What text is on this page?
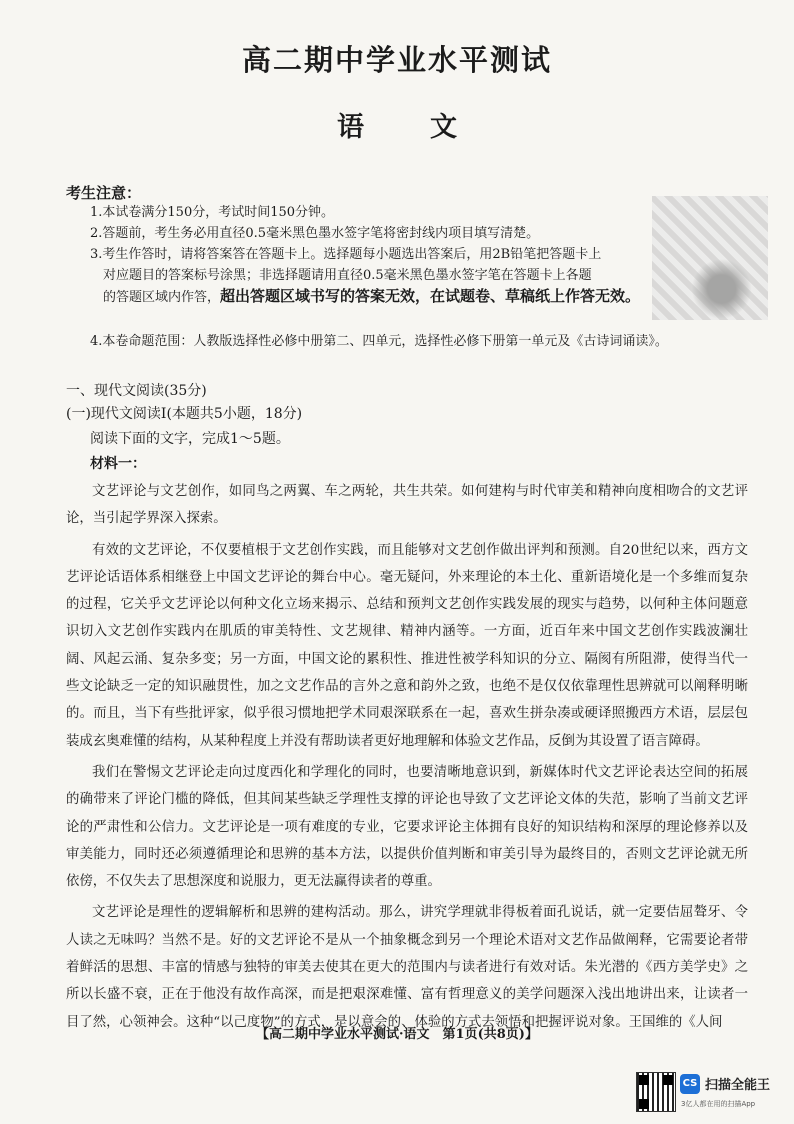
高二期中学业水平测试
语文
考生注意：

1.本试卷满分150分，考试时间150分钟。

2.答题前，考生务必用直径0.5毫米黑色墨水签字笔将密封线内项目填写清楚。

3.考生作答时，请将答案答在答题卡上。选择题每小题选出答案后，用2B铅笔把答题卡上
对应题目的答案标号涂黑；非选择题请用直径0.5毫米黑色墨水签字笔在答题卡上各题
的答题区域内作答，超出答题区域书写的答案无效，在试题卷、草稿纸上作答无效。

4.本卷命题范围：人教版选择性必修中册第二、四单元，选择性必修下册第一单元及《古诗词诵读》。
一、现代文阅读(35分)
(一)现代文阅读Ⅰ(本题共5小题，18分)
阅读下面的文字，完成1～5题。
材料一：

文艺评论与文艺创作，如同鸟之两翼、车之两轮，共生共荣。如何建构与时代审美和精神向度相吻合的文艺评论，当引起学界深入探索。

有效的文艺评论，不仅要植根于文艺创作实践，而且能够对文艺创作做出评判和预测。自20世纪以来，西方文艺评论话语体系相继登上中国文艺评论的舞台中心。毫无疑问，外来理论的本土化、重新语境化是一个多维而复杂的过程，它关乎文艺评论以何种文化立场来揭示、总结和预判文艺创作实践发展的现实与趋势，以何种主体问题意识切入文艺创作实践内在肌质的审美特性、文艺规律、精神内涵等。一方面，近百年来中国文艺创作实践波澜壮阔、风起云涌、复杂多变；另一方面，中国文论的累积性、推进性被学科知识的分立、隔阂有所阻滞，使得当代一些文论缺乏一定的知识融贯性，加之文艺作品的言外之意和韵外之致，也绝不是仅仅依靠理性思辨就可以阐释明晰的。而且，当下有些批评家，似乎很习惯地把学术同艰深联系在一起，喜欢生拼杂凑或硬译照搬西方术语，层层包装成玄奥难懂的结构，从某种程度上并没有帮助读者更好地理解和体验文艺作品，反倒为其设置了语言障碍。

我们在警惕文艺评论走向过度西化和学理化的同时，也要清晰地意识到，新媒体时代文艺评论表达空间的拓展的确带来了评论门槛的降低，但其间某些缺乏学理性支撑的评论也导致了文艺评论文体的失范，影响了当前文艺评论的严肃性和公信力。文艺评论是一项有难度的专业，它要求评论主体拥有良好的知识结构和深厚的理论修养以及审美能力，同时还必须遵循理论和思辨的基本方法，以提供价值判断和审美引导为最终目的，否则文艺评论就无所依傍，不仅失去了思想深度和说服力，更无法赢得读者的尊重。

文艺评论是理性的逻辑解析和思辨的建构活动。那么，讲究学理就非得板着面孔说话，就一定要佶屈聱牙、令人读之无味吗？当然不是。好的文艺评论不是从一个抽象概念到另一个理论术语对文艺作品做阐释，它需要论者带着鲜活的思想、丰富的情感与独特的审美去使其在更大的范围内与读者进行有效对话。朱光潜的《西方美学史》之所以长盛不衰，正在于他没有故作高深，而是把艰深难懂、富有哲理意义的美学问题深入浅出地讲出来，让读者一目了然，心领神会。这种“以己度物”的方式，是以意会的、体验的方式去领悟和把握评说对象。王国维的《人间

【高二期中学业水平测试·语文　第1页(共8页)】
CS 扫描全能王
3亿人都在用的扫描App
